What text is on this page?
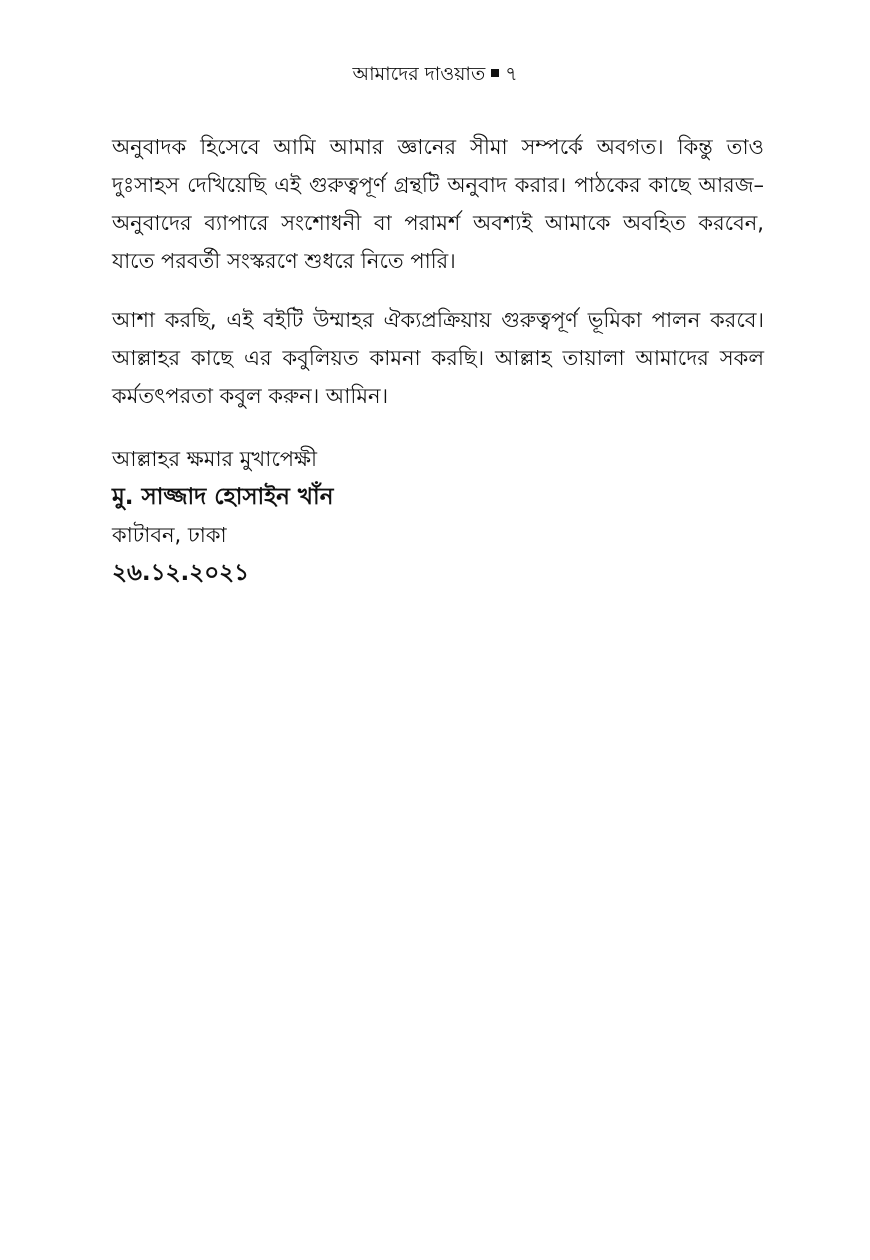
আমাদের দাওয়াত ৭

অনুবাদক হিসেবে আমি আমার জ্ঞানের সীমা সম্পর্কে অবগত। কিন্তু তাও দুঃসাহস দেখিয়েছি এই গুরুত্বপূর্ণ গ্রন্থটি অনুবাদ করার। পাঠকের কাছে আরজ– অনুবাদের ব্যাপারে সংশোধনী বা পরামর্শ অবশ্যই আমাকে অবহিত করবেন, যাতে পরবর্তী সংস্করণে শুধরে নিতে পারি।

আশা করছি, এই বইটি উম্মাহর ঐক্যপ্রক্রিয়ায় গুরুত্বপূর্ণ ভূমিকা পালন করবে। আল্লাহর কাছে এর কবুলিয়ত কামনা করছি। আল্লাহ তায়ালা আমাদের সকল কর্মতৎপরতা কবুল করুন। আমিন।

আল্লাহর ক্ষমার মুখাপেক্ষী
মু. সাজ্জাদ হোসাইন খাঁন
কাটাবন, ঢাকা
২৬.১২.২০২১
